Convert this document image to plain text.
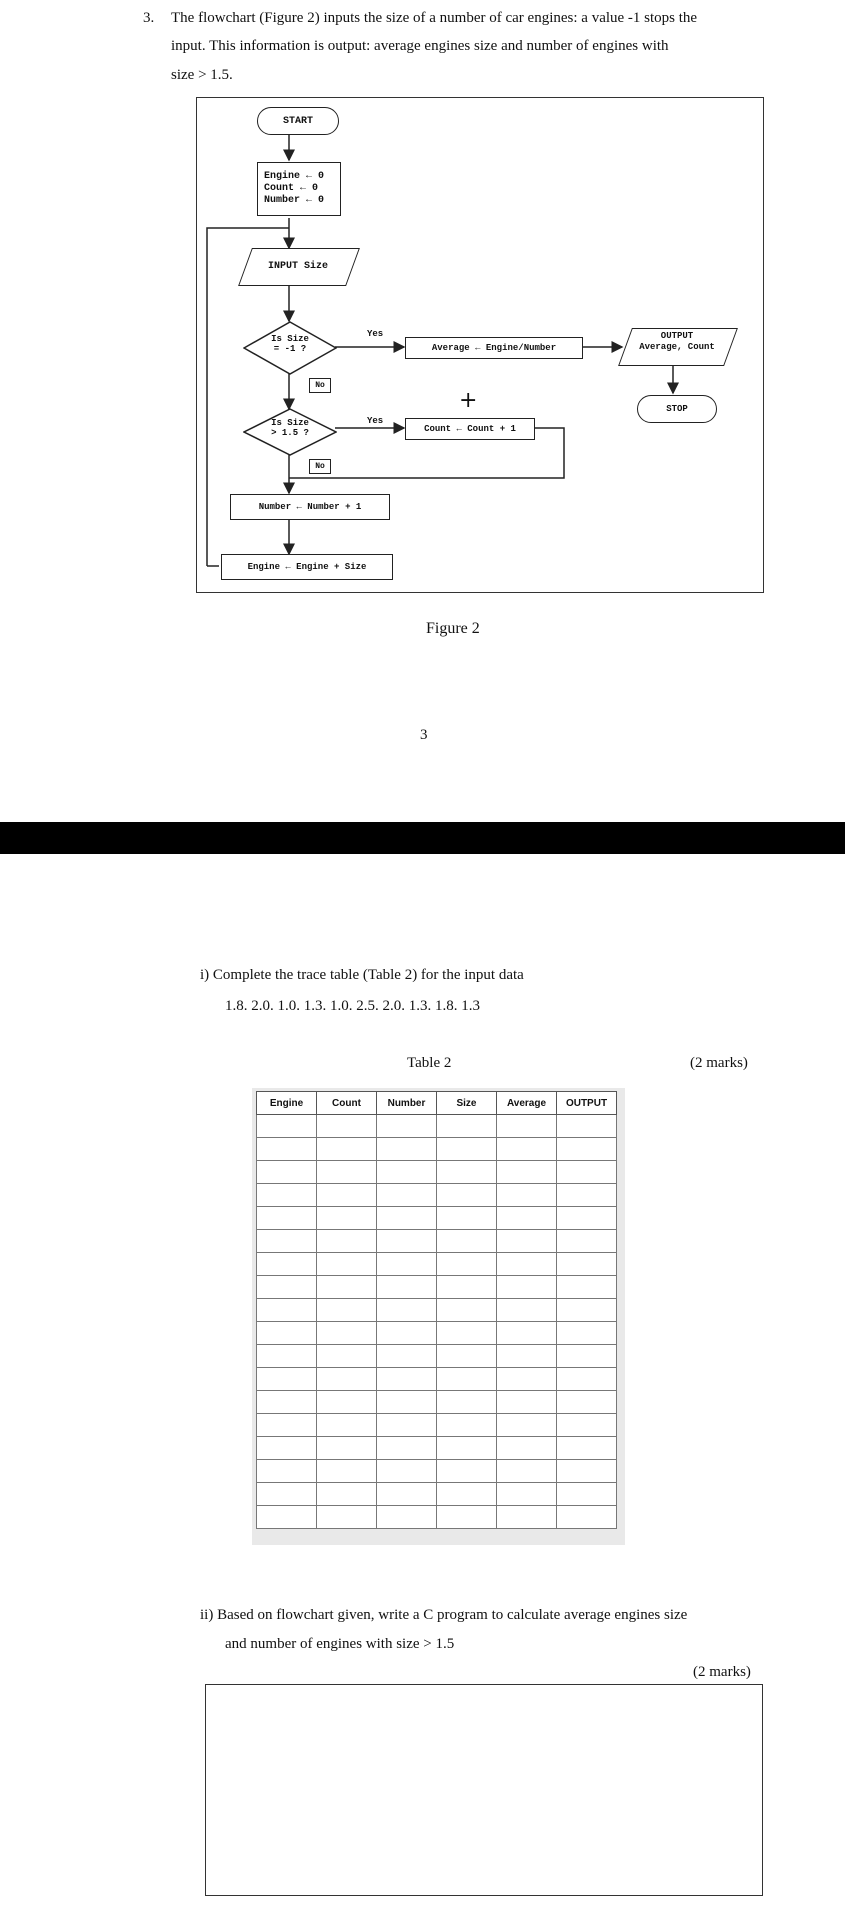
3. The flowchart (Figure 2) inputs the size of a number of car engines: a value -1 stops the
input. This information is output: average engines size and number of engines with
size > 1.5.
START
Engine ← 0
Count ← 0
Number ← 0
INPUT Size
Is Size
= -1 ?
Yes
No
Average ← Engine/Number
OUTPUT
Average, Count
STOP
+
Is Size
> 1.5 ?
Yes
No
Count ← Count + 1
Number ← Number + 1
Engine ← Engine + Size
Figure 2
3
i) Complete the trace table (Table 2) for the input data
1.8. 2.0. 1.0. 1.3. 1.0. 2.5. 2.0. 1.3. 1.8. 1.3
Table 2	(2 marks)
Engine	Count	Number	Size	Average	OUTPUT

ii) Based on flowchart given, write a C program to calculate average engines size
and number of engines with size > 1.5
(2 marks)
